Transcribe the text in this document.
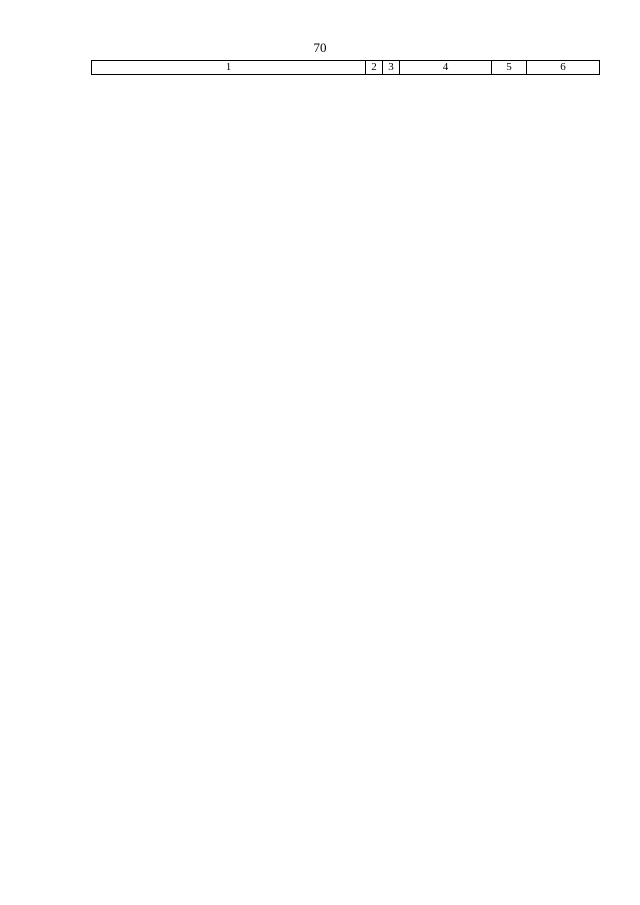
70
1	2	3	4	5	6
